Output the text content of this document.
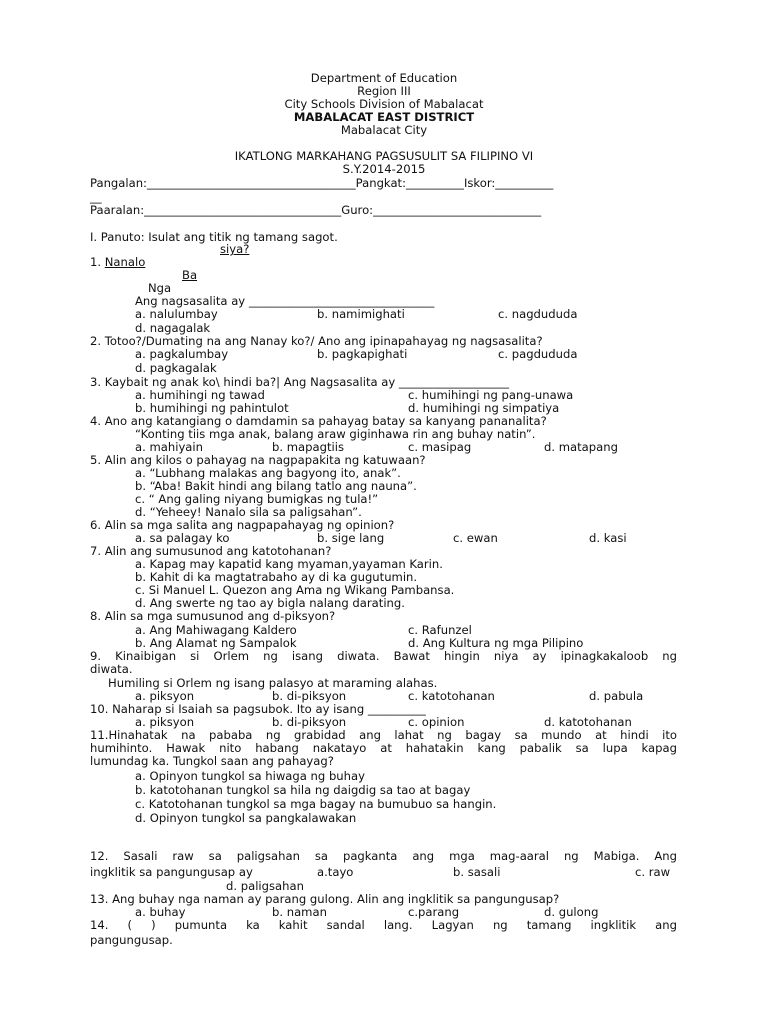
Department of Education
Region III
City Schools Division of Mabalacat
MABALACAT EAST DISTRICT
Mabalacat City
IKATLONG MARKAHANG PAGSUSULIT SA FILIPINO VI
S.Y.2014-2015
Pangalan:____________________________________Pangkat:__________Iskor:__________
__
Paaralan:__________________________________Guro:_____________________________
I. Panuto: Isulat ang titik ng tamang sagot.
siya?
1. Nanalo
Ba
Nga
Ang nagsasalita ay ________________________________
a. nalulumbay	b. namimighati	c. nagdududa
d. nagagalak
2. Totoo?/Dumating na ang Nanay ko?/ Ano ang ipinapahayag ng nagsasalita?
a. pagkalumbay	b. pagkapighati	c. pagdududa
d. pagkagalak
3. Kaybait ng anak ko\ hindi ba?| Ang Nagsasalita ay ___________________
a. humihingi ng tawad	c. humihingi ng pang-unawa
b. humihingi ng pahintulot	d. humihingi ng simpatiya
4. Ano ang katangiang o damdamin sa pahayag batay sa kanyang pananalita?
“Konting tiis mga anak, balang araw giginhawa rin ang buhay natin”.
a. mahiyain	b. mapagtiis	c. masipag	d. matapang
5. Alin ang kilos o pahayag na nagpapakita ng katuwaan?
a. “Lubhang malakas ang bagyong ito, anak”.
b. “Aba! Bakit hindi ang bilang tatlo ang nauna”.
c. “ Ang galing niyang bumigkas ng tula!”
d. “Yeheey! Nanalo sila sa paligsahan”.
6. Alin sa mga salita ang nagpapahayag ng opinion?
a. sa palagay ko	b. sige lang	c. ewan	d. kasi
7. Alin ang sumusunod ang katotohanan?
a. Kapag may kapatid kang myaman,yayaman Karin.
b. Kahit di ka magtatrabaho ay di ka gugutumin.
c. Si Manuel L. Quezon ang Ama ng Wikang Pambansa.
d. Ang swerte ng tao ay bigla nalang darating.
8. Alin sa mga sumusunod ang d-piksyon?
a. Ang Mahiwagang Kaldero	c. Rafunzel
b. Ang Alamat ng Sampalok	d. Ang Kultura ng mga Pilipino
9. Kinaibigan si Orlem ng isang diwata. Bawat hingin niya ay ipinagkakaloob ng
diwata.
Humiling si Orlem ng isang palasyo at maraming alahas.
a. piksyon	b. di-piksyon	c. katotohanan	d. pabula
10. Naharap si Isaiah sa pagsubok. Ito ay isang __________
a. piksyon	b. di-piksyon	c. opinion	d. katotohanan
11.Hinahatak na pababa ng grabidad ang lahat ng bagay sa mundo at hindi ito
humihinto. Hawak nito habang nakatayo at hahatakin kang pabalik sa lupa kapag
lumundag ka. Tungkol saan ang pahayag?
a. Opinyon tungkol sa hiwaga ng buhay
b. katotohanan tungkol sa hila ng daigdig sa tao at bagay
c. Katotohanan tungkol sa mga bagay na bumubuo sa hangin.
d. Opinyon tungkol sa pangkalawakan
12. Sasali raw sa paligsahan sa pagkanta ang mga mag-aaral ng Mabiga. Ang
ingklitik sa pangungusap ay	a.tayo	b. sasali	c. raw
d. paligsahan
13. Ang buhay nga naman ay parang gulong. Alin ang ingklitik sa pangungusap?
a. buhay	b. naman	c.parang	d. gulong
14. ( ) pumunta ka kahit sandal lang. Lagyan ng tamang ingklitik ang
pangungusap.
